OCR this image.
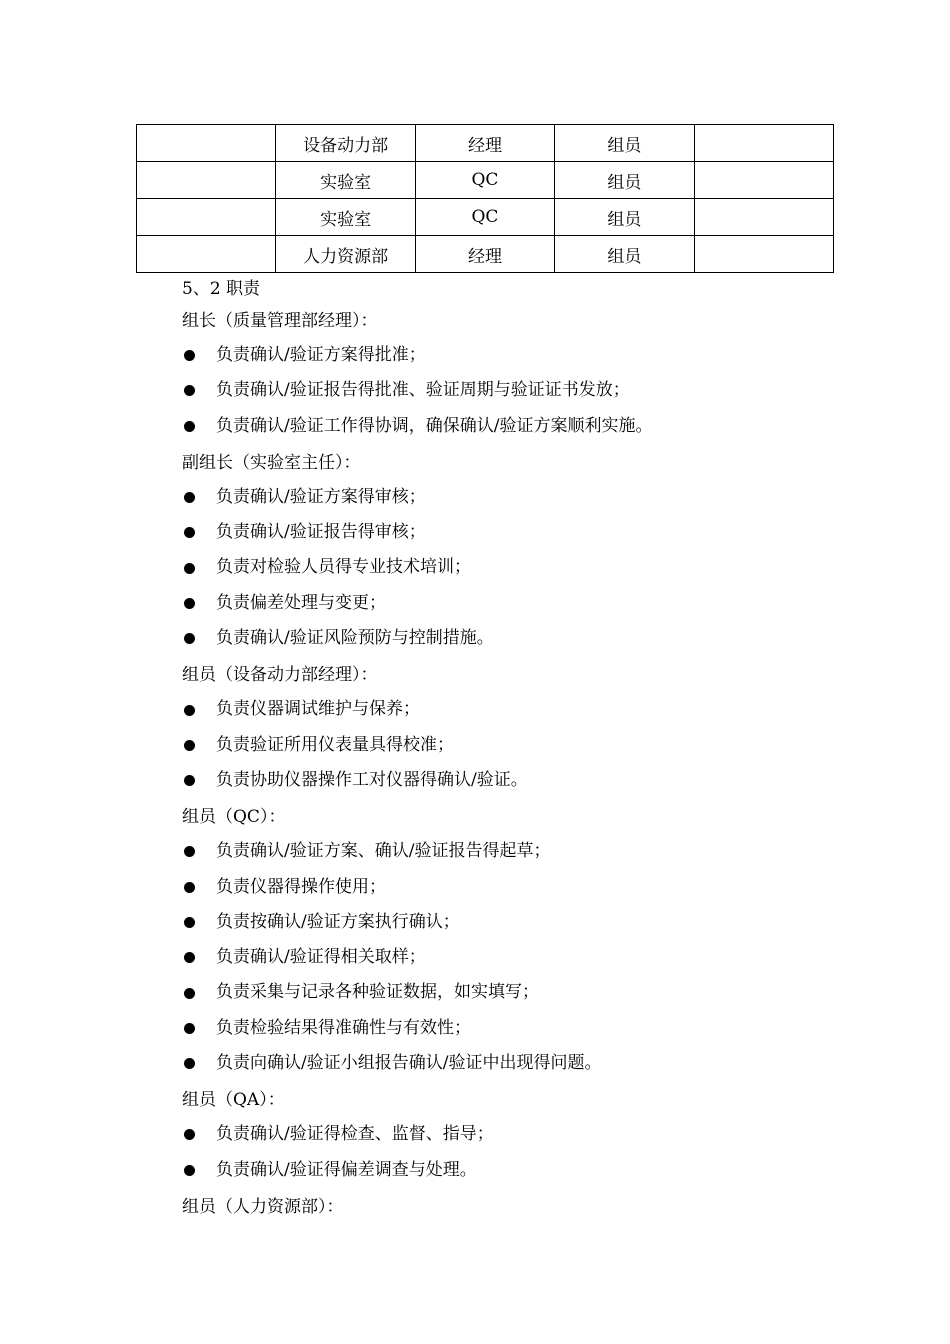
	设备动力部	经理	组员	
	实验室	QC	组员	
	实验室	QC	组员	
	人力资源部	经理	组员	
5、2 职责
组长（质量管理部经理）：
负责确认/验证方案得批准；
负责确认/验证报告得批准、验证周期与验证证书发放；
负责确认/验证工作得协调，确保确认/验证方案顺利实施。
副组长（实验室主任）：
负责确认/验证方案得审核；
负责确认/验证报告得审核；
负责对检验人员得专业技术培训；
负责偏差处理与变更；
负责确认/验证风险预防与控制措施。
组员（设备动力部经理）：
负责仪器调试维护与保养；
负责验证所用仪表量具得校准；
负责协助仪器操作工对仪器得确认/验证。
组员（QC）：
负责确认/验证方案、确认/验证报告得起草；
负责仪器得操作使用；
负责按确认/验证方案执行确认；
负责确认/验证得相关取样；
负责采集与记录各种验证数据，如实填写；
负责检验结果得准确性与有效性；
负责向确认/验证小组报告确认/验证中出现得问题。
组员（QA）：
负责确认/验证得检查、监督、指导；
负责确认/验证得偏差调查与处理。
组员（人力资源部）：
